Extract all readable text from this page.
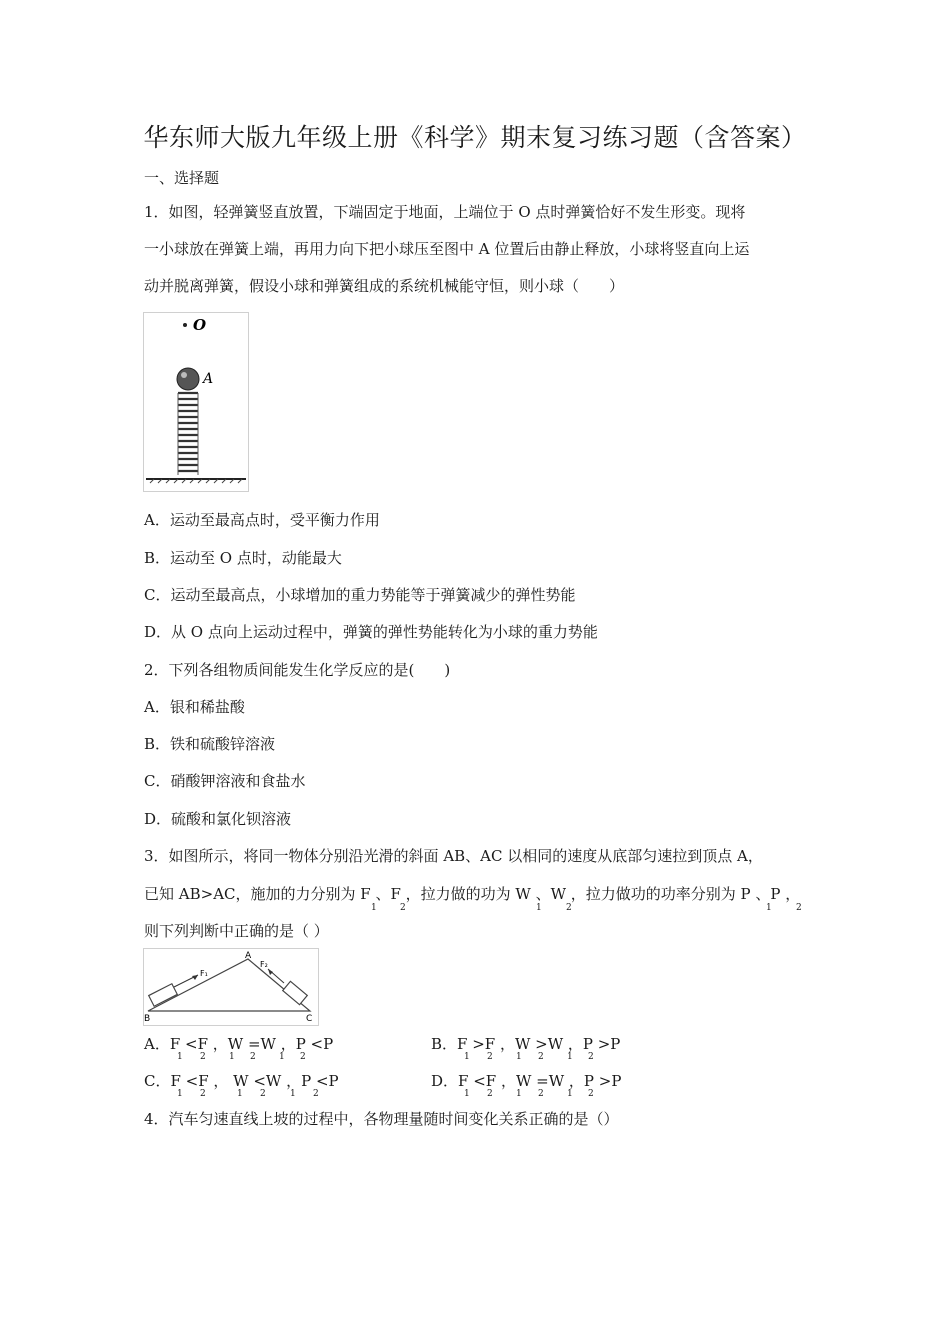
华东师大版九年级上册《科学》期末复习练习题（含答案）
一、选择题
1．如图，轻弹簧竖直放置，下端固定于地面，上端位于 O 点时弹簧恰好不发生形变。现将
一小球放在弹簧上端，再用力向下把小球压至图中 A 位置后由静止释放，小球将竖直向上运
动并脱离弹簧，假设小球和弹簧组成的系统机械能守恒，则小球（　　）
O
A
A．运动至最高点时，受平衡力作用
B．运动至 O 点时，动能最大
C．运动至最高点，小球增加的重力势能等于弹簧减少的弹性势能
D．从 O 点向上运动过程中，弹簧的弹性势能转化为小球的重力势能
2．下列各组物质间能发生化学反应的是(　　)
A．银和稀盐酸
B．铁和硫酸锌溶液
C．硝酸钾溶液和食盐水
D．硫酸和氯化钡溶液
3．如图所示，将同一物体分别沿光滑的斜面 AB、AC 以相同的速度从底部匀速拉到顶点 A，
已知 AB>AC，施加的力分别为 F 、F ，拉力做的功为 W 、W ，拉力做功的功率分别为 P 、P ，
1	2	1	2	1	2
则下列判断中正确的是（ ）
A
B	C
F₁
F₂
A．F <F ，W =W ，P <P
1 2	1 2	1 2
B．F >F ，W >W ，P >P
1 2	1 2	1 2
C．F <F ， W <W ，P <P
1 2	1 2	1 2
D．F <F ，W =W ，P >P
1 2	1 2	1 2
4．汽车匀速直线上坡的过程中，各物理量随时间变化关系正确的是（）
